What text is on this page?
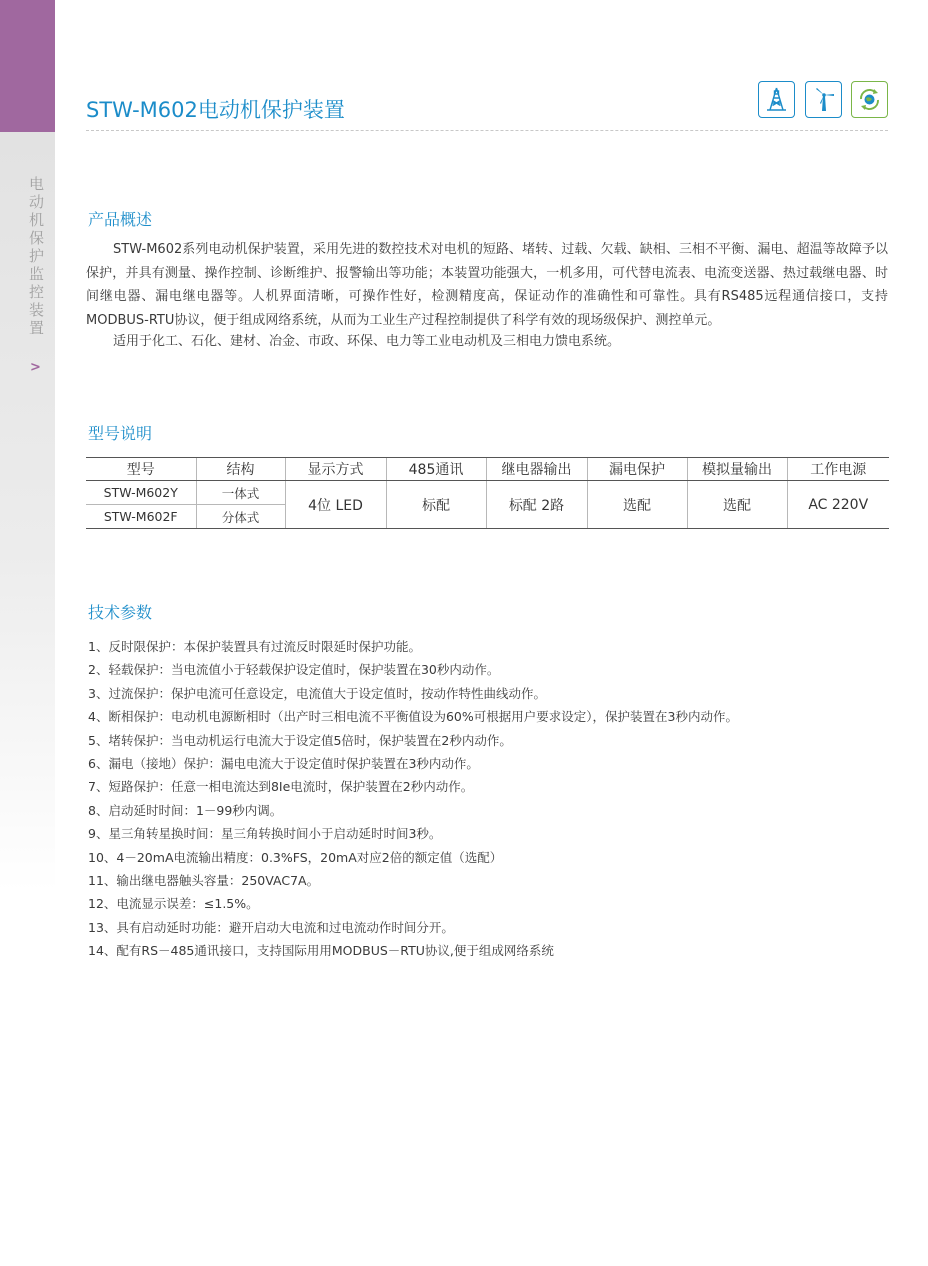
电动机保护监控装置
>
STW-M602电动机保护装置
产品概述
STW-M602系列电动机保护装置，采用先进的数控技术对电机的短路、堵转、过载、欠载、缺相、三相不平衡、漏电、超温等故障予以保护，并具有测量、操作控制、诊断维护、报警输出等功能；本装置功能强大，一机多用，可代替电流表、电流变送器、热过载继电器、时间继电器、漏电继电器等。人机界面清晰，可操作性好，检测精度高，保证动作的准确性和可靠性。具有RS485远程通信接口，支持MODBUS-RTU协议，便于组成网络系统，从而为工业生产过程控制提供了科学有效的现场级保护、测控单元。
适用于化工、石化、建材、冶金、市政、环保、电力等工业电动机及三相电力馈电系统。
型号说明
型号	结构	显示方式	485通讯	继电器输出	漏电保护	模拟量输出	工作电源
STW-M602Y	一体式	4位 LED	标配	标配 2路	选配	选配	AC 220V
STW-M602F	分体式						
技术参数
1、反时限保护：本保护装置具有过流反时限延时保护功能。
2、轻载保护：当电流值小于轻载保护设定值时，保护装置在30秒内动作。
3、过流保护：保护电流可任意设定，电流值大于设定值时，按动作特性曲线动作。
4、断相保护：电动机电源断相时（出产时三相电流不平衡值设为60%可根据用户要求设定），保护装置在3秒内动作。
5、堵转保护：当电动机运行电流大于设定值5倍时，保护装置在2秒内动作。
6、漏电（接地）保护：漏电电流大于设定值时保护装置在3秒内动作。
7、短路保护：任意一相电流达到8Ie电流时，保护装置在2秒内动作。
8、启动延时时间：1－99秒内调。
9、星三角转星换时间：星三角转换时间小于启动延时时间3秒。
10、4－20mA电流输出精度：0.3%FS，20mA对应2倍的额定值（选配）
11、输出继电器触头容量：250VAC7A。
12、电流显示误差：≤1.5%。
13、具有启动延时功能：避开启动大电流和过电流动作时间分开。
14、配有RS－485通讯接口，支持国际用用MODBUS－RTU协议,便于组成网络系统
